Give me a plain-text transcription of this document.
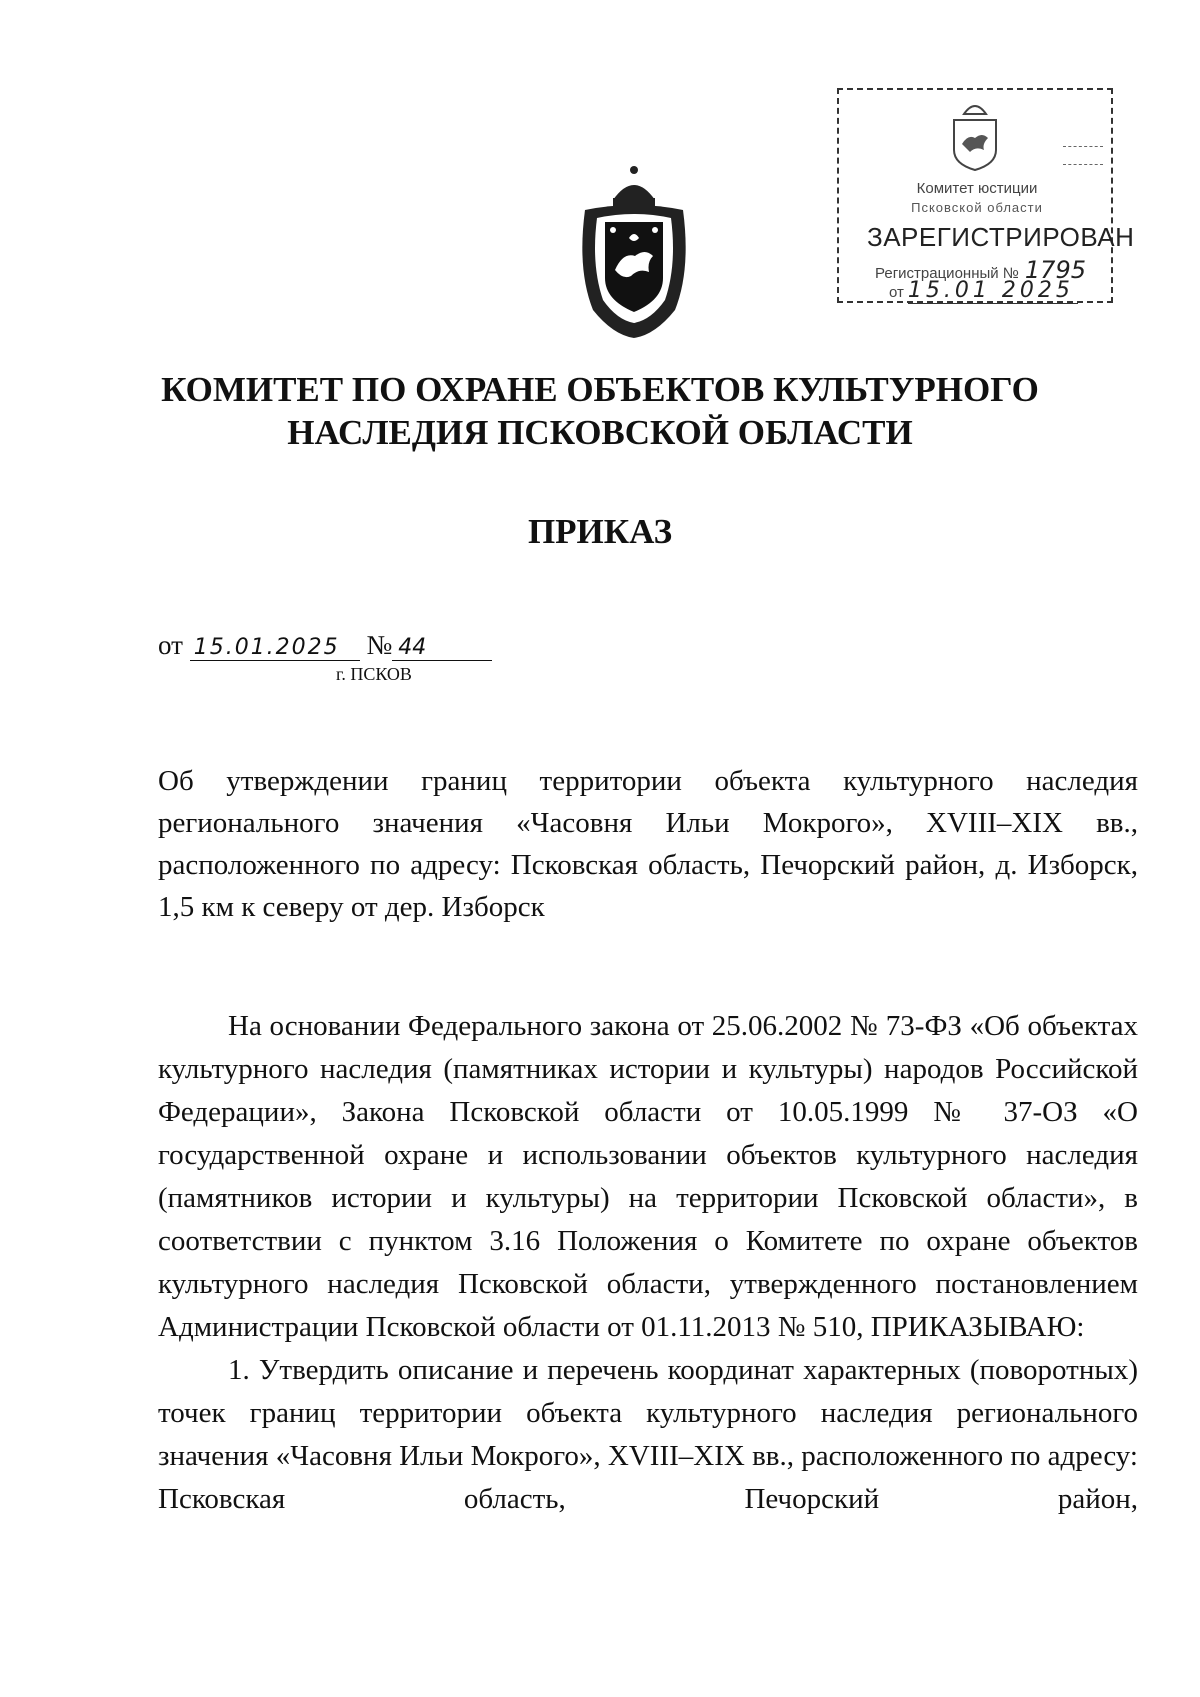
Комитет юстиции
Псковской области
ЗАРЕГИСТРИРОВАН
Регистрационный № 1795
от 15.01 2025
КОМИТЕТ ПО ОХРАНЕ ОБЪЕКТОВ КУЛЬТУРНОГО
НАСЛЕДИЯ ПСКОВСКОЙ ОБЛАСТИ
ПРИКАЗ
от 15.01.2025 № 44
г. ПСКОВ
Об утверждении границ территории объекта культурного наследия регионального значения «Часовня Ильи Мокрого», XVIII–XIX вв., расположенного по адресу: Псковская область, Печорский район, д. Изборск, 1,5 км к северу от дер. Изборск

На основании Федерального закона от 25.06.2002 № 73-ФЗ «Об объектах культурного наследия (памятниках истории и культуры) народов Российской Федерации», Закона Псковской области от 10.05.1999 № 37-ОЗ «О государственной охране и использовании объектов культурного наследия (памятников истории и культуры) на территории Псковской области», в соответствии с пунктом 3.16 Положения о Комитете по охране объектов культурного наследия Псковской области, утвержденного постановлением Администрации Псковской области от 01.11.2013 № 510, ПРИКАЗЫВАЮ:

1. Утвердить описание и перечень координат характерных (поворотных) точек границ территории объекта культурного наследия регионального значения «Часовня Ильи Мокрого», XVIII–XIX вв., расположенного по адресу: Псковская область, Печорский район,
